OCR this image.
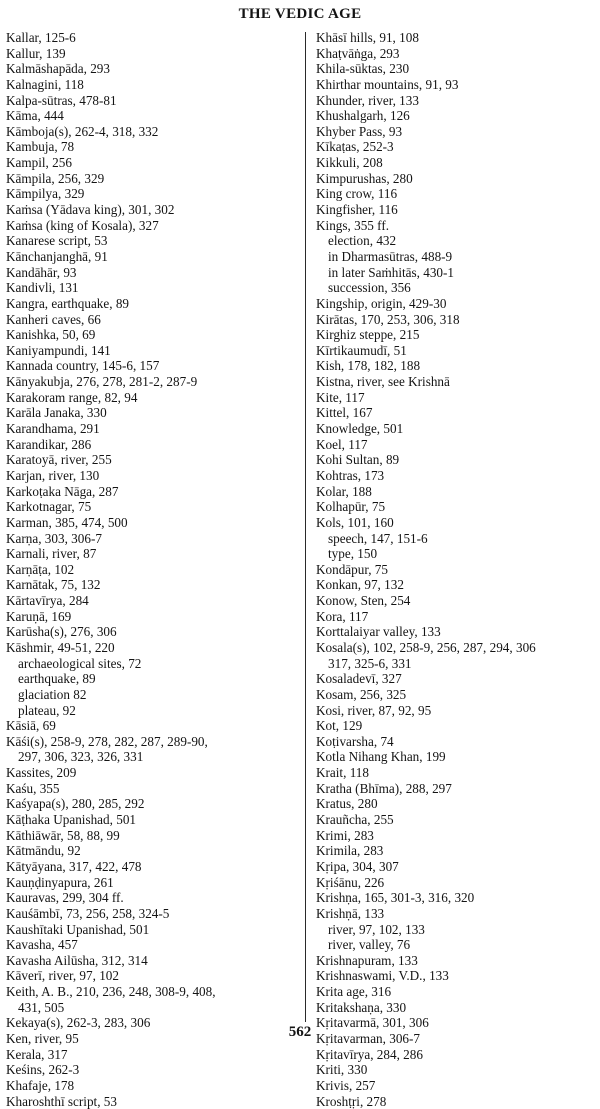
THE VEDIC AGE
Kallar, 125-6
Kallur, 139
Kalmāshapāda, 293
Kalnagini, 118
Kalpa-sūtras, 478-81
Kāma, 444
Kāmboja(s), 262-4, 318, 332
Kambuja, 78
Kampil, 256
Kāmpila, 256, 329
Kāmpilya, 329
Kaṁsa (Yādava king), 301, 302
Kaṁsa (king of Kosala), 327
Kanarese script, 53
Kānchanjanghā, 91
Kandāhār, 93
Kandivli, 131
Kangra, earthquake, 89
Kanheri caves, 66
Kanishka, 50, 69
Kaniyampundi, 141
Kannada country, 145-6, 157
Kānyakubja, 276, 278, 281-2, 287-9
Karakoram range, 82, 94
Karāla Janaka, 330
Karandhama, 291
Karandikar, 286
Karatoyā, river, 255
Karjan, river, 130
Karkoṭaka Nāga, 287
Karkotnagar, 75
Karman, 385, 474, 500
Karṇa, 303, 306-7
Karnali, river, 87
Karṇāṭa, 102
Karnātak, 75, 132
Kārtavīrya, 284
Karuṇā, 169
Karūsha(s), 276, 306
Kāshmir, 49-51, 220
archaeological sites, 72
earthquake, 89
glaciation 82
plateau, 92
Kāsiā, 69
Kāśi(s), 258-9, 278, 282, 287, 289-90,
297, 306, 323, 326, 331
Kassites, 209
Kaśu, 355
Kaśyapa(s), 280, 285, 292
Kāṭhaka Upanishad, 501
Kāthiāwār, 58, 88, 99
Kātmāndu, 92
Kātyāyana, 317, 422, 478
Kauṇḍinyapura, 261
Kauravas, 299, 304 ff.
Kauśāmbī, 73, 256, 258, 324-5
Kaushītaki Upanishad, 501
Kavasha, 457
Kavasha Ailūsha, 312, 314
Kāverī, river, 97, 102
Keith, A. B., 210, 236, 248, 308-9, 408,
431, 505
Kekaya(s), 262-3, 283, 306
Ken, river, 95
Kerala, 317
Keśins, 262-3
Khafaje, 178
Kharoshthī script, 53
Khāsī hills, 91, 108
Khaṭvāṅga, 293
Khila-sūktas, 230
Khirthar mountains, 91, 93
Khunder, river, 133
Khushalgarh, 126
Khyber Pass, 93
Kīkaṭas, 252-3
Kikkuli, 208
Kimpurushas, 280
King crow, 116
Kingfisher, 116
Kings, 355 ff.
election, 432
in Dharmasūtras, 488-9
in later Saṁhitās, 430-1
succession, 356
Kingship, origin, 429-30
Kirātas, 170, 253, 306, 318
Kirghiz steppe, 215
Kīrtikaumudī, 51
Kish, 178, 182, 188
Kistna, river, see Krishnā
Kite, 117
Kittel, 167
Knowledge, 501
Koel, 117
Kohi Sultan, 89
Kohtras, 173
Kolar, 188
Kolhapūr, 75
Kols, 101, 160
speech, 147, 151-6
type, 150
Kondāpur, 75
Konkan, 97, 132
Konow, Sten, 254
Kora, 117
Korttalaiyar valley, 133
Kosala(s), 102, 258-9, 256, 287, 294, 306
317, 325-6, 331
Kosaladevī, 327
Kosam, 256, 325
Kosi, river, 87, 92, 95
Kot, 129
Koṭivarsha, 74
Kotla Nihang Khan, 199
Krait, 118
Kratha (Bhīma), 288, 297
Kratus, 280
Krauñcha, 255
Krimi, 283
Krimila, 283
Kṛipa, 304, 307
Kṛiśānu, 226
Krishṇa, 165, 301-3, 316, 320
Krishṇā, 133
river, 97, 102, 133
river, valley, 76
Krishnapuram, 133
Krishnaswami, V.D., 133
Krita age, 316
Kritakshaṇa, 330
Kṛitavarmā, 301, 306
Kṛitavarman, 306-7
Kṛitavīrya, 284, 286
Kriti, 330
Krivis, 257
Kroshṭṛi, 278
562
